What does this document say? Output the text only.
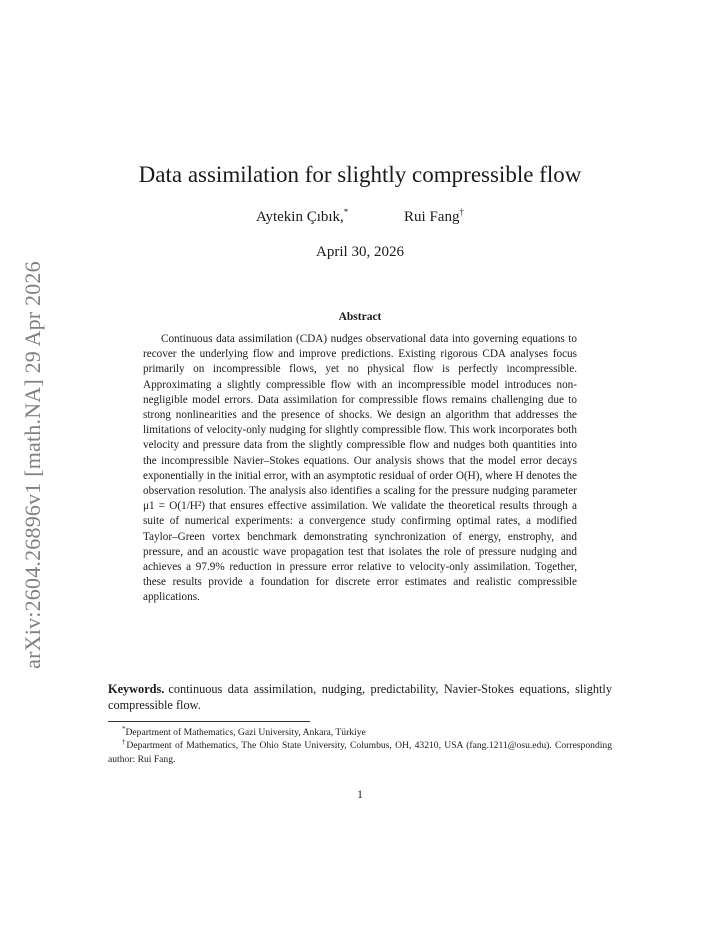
arXiv:2604.26896v1 [math.NA] 29 Apr 2026
Data assimilation for slightly compressible flow
Aytekin Çıbık,*	Rui Fang†
April 30, 2026
Abstract

Continuous data assimilation (CDA) nudges observational data into governing equations to recover the underlying flow and improve predictions. Existing rigorous CDA analyses focus primarily on incompressible flows, yet no physical flow is perfectly incompressible. Approximating a slightly compressible flow with an incompressible model introduces non-negligible model errors. Data assimilation for compressible flows remains challenging due to strong nonlinearities and the presence of shocks. We design an algorithm that addresses the limitations of velocity-only nudging for slightly compressible flow. This work incorporates both velocity and pressure data from the slightly compressible flow and nudges both quantities into the incompressible Navier–Stokes equations. Our analysis shows that the model error decays exponentially in the initial error, with an asymptotic residual of order O(H), where H denotes the observation resolution. The analysis also identifies a scaling for the pressure nudging parameter μ1 = O(1/H²) that ensures effective assimilation. We validate the theoretical results through a suite of numerical experiments: a convergence study confirming optimal rates, a modified Taylor–Green vortex benchmark demonstrating synchronization of energy, enstrophy, and pressure, and an acoustic wave propagation test that isolates the role of pressure nudging and achieves a 97.9% reduction in pressure error relative to velocity-only assimilation. Together, these results provide a foundation for discrete error estimates and realistic compressible applications.

Keywords. continuous data assimilation, nudging, predictability, Navier-Stokes equations, slightly compressible flow.

*Department of Mathematics, Gazi University, Ankara, Türkiye

†Department of Mathematics, The Ohio State University, Columbus, OH, 43210, USA (fang.1211@osu.edu). Corresponding author: Rui Fang.

1
